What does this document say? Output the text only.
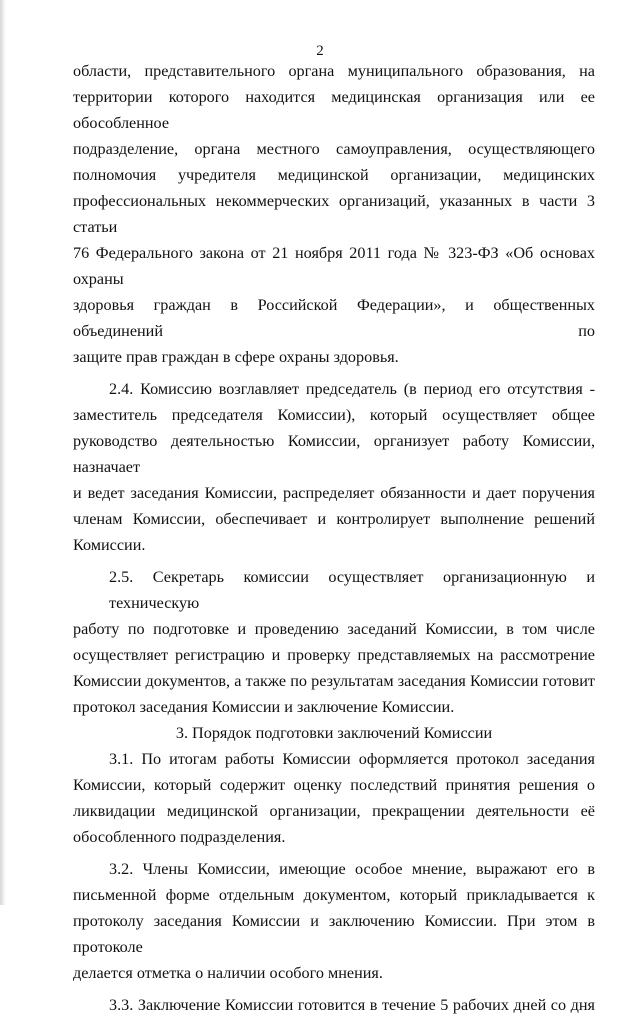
2
области, представительного органа муниципального образования, на
территории которого находится медицинская организация или ее обособленное
подразделение, органа местного самоуправления, осуществляющего
полномочия учредителя медицинской организации, медицинских
профессиональных некоммерческих организаций, указанных в части 3 статьи
76 Федерального закона от 21 ноября 2011 года № 323-ФЗ «Об основах охраны
здоровья граждан в Российской Федерации», и общественных объединений по
защите прав граждан в сфере охраны здоровья.
2.4. Комиссию возглавляет председатель (в период его отсутствия -
заместитель председателя Комиссии), который осуществляет общее
руководство деятельностью Комиссии, организует работу Комиссии, назначает
и ведет заседания Комиссии, распределяет обязанности и дает поручения
членам Комиссии, обеспечивает и контролирует выполнение решений
Комиссии.
2.5. Секретарь комиссии осуществляет организационную и техническую
работу по подготовке и проведению заседаний Комиссии, в том числе
осуществляет регистрацию и проверку представляемых на рассмотрение
Комиссии документов, а также по результатам заседания Комиссии готовит
протокол заседания Комиссии и заключение Комиссии.
3. Порядок подготовки заключений Комиссии
3.1. По итогам работы Комиссии оформляется протокол заседания
Комиссии, который содержит оценку последствий принятия решения о
ликвидации медицинской организации, прекращении деятельности её
обособленного подразделения.
3.2. Члены Комиссии, имеющие особое мнение, выражают его в
письменной форме отдельным документом, который прикладывается к
протоколу заседания Комиссии и заключению Комиссии. При этом в протоколе
делается отметка о наличии особого мнения.
3.3. Заключение Комиссии готовится в течение 5 рабочих дней со дня
